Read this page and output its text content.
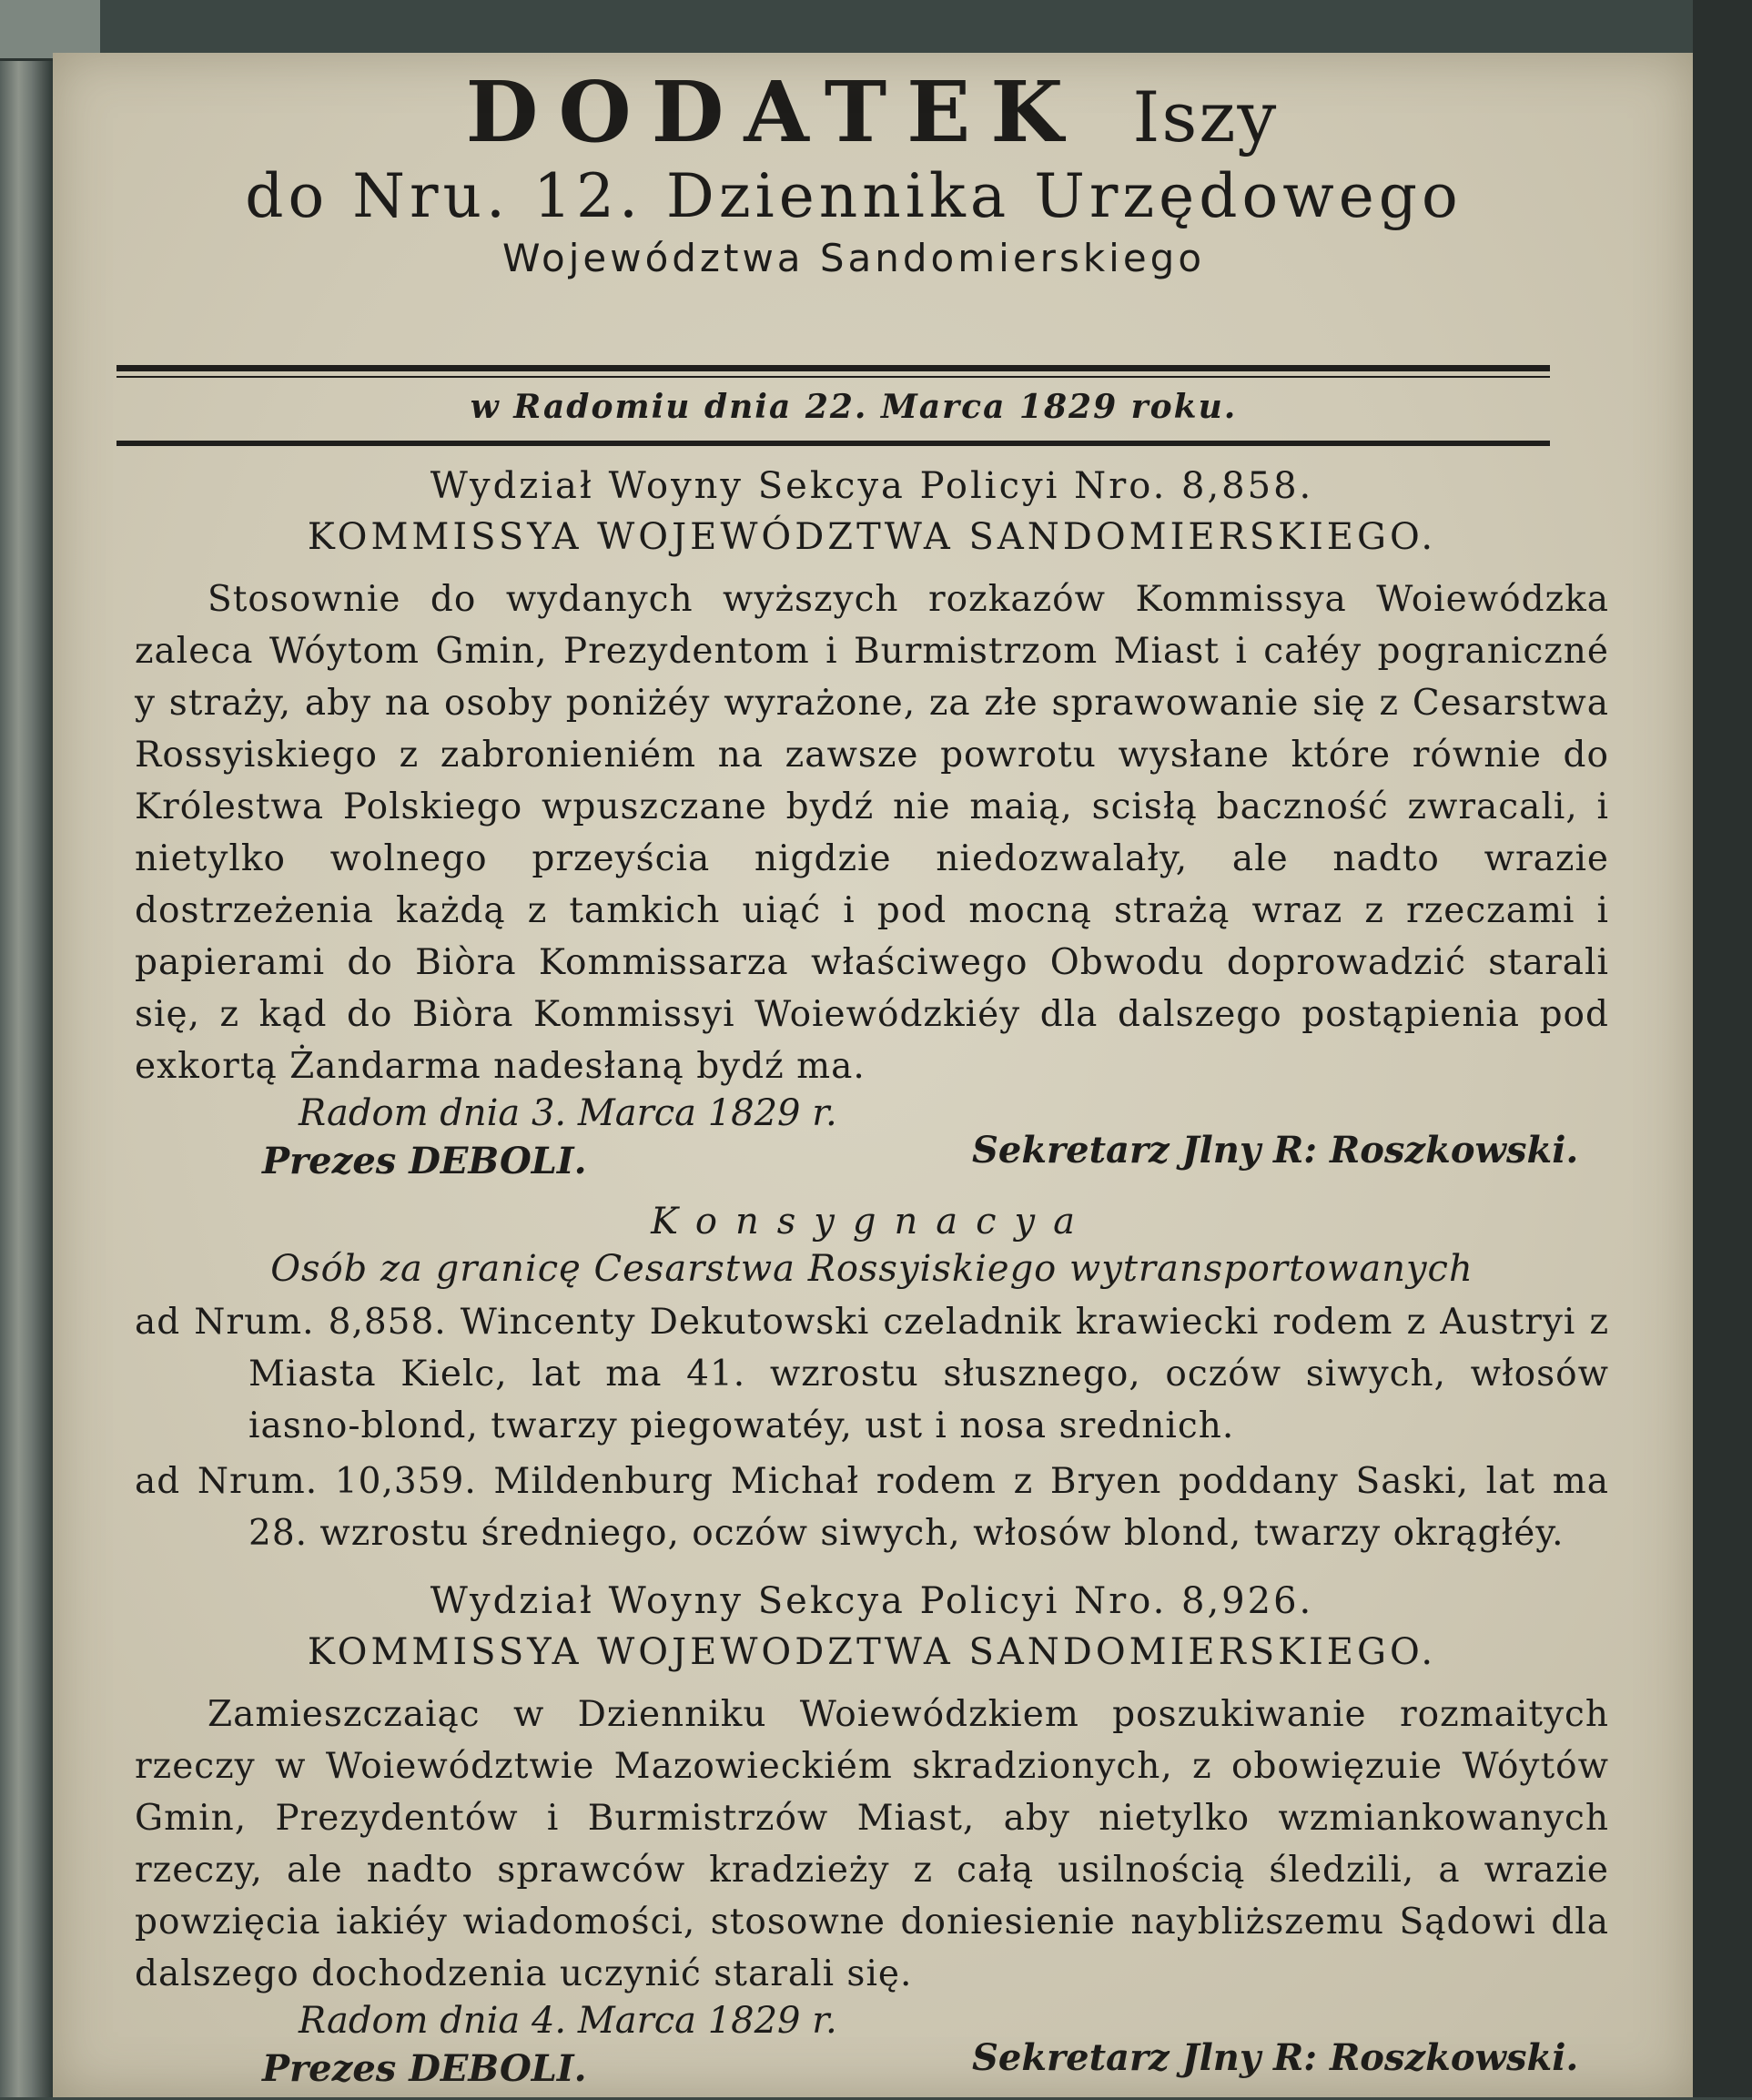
DODATEK Iszy
do Nru. 12. Dziennika Urzędowego
Województwa Sandomierskiego
w Radomiu dnia 22. Marca 1829 roku.
Wydział Woyny Sekcya Policyi Nro. 8,858.
KOMMISSYA WOJEWÓDZTWA SANDOMIERSKIEGO.

Stosownie do wydanych wyższych rozkazów Kommissya Woiewódzka zaleca Wóytom Gmin, Prezydentom i Burmistrzom Miast i całéy pograniczné y straży, aby na osoby poniżéy wyrażone, za złe sprawowanie się z Cesarstwa Rossyiskiego z zabronieniém na zawsze powrotu wysłane które równie do Królestwa Polskiego wpuszczane bydź nie maią, scisłą baczność zwracali, i nietylko wolnego przeyścia nigdzie niedozwalały, ale nadto wrazie dostrzeżenia każdą z tamkich uiąć i pod mocną strażą wraz z rzeczami i papierami do Biòra Kommissarza właściwego Obwodu doprowadzić starali się, z kąd do Biòra Kommissyi Woiewódzkiéy dla dalszego postąpienia pod exkortą Żandarma nadesłaną bydź ma.

Radom dnia 3. Marca 1829 r.
Prezes DEBOLI.	Sekretarz Jlny R: Roszkowski.
Konsygnacya
Osób za granicę Cesarstwa Rossyiskiego wytransportowanych

ad Nrum. 8,858. Wincenty Dekutowski czeladnik krawiecki rodem z Austryi z Miasta Kielc, lat ma 41. wzrostu słusznego, oczów siwych, włosów iasno-blond, twarzy piegowatéy, ust i nosa srednich.

ad Nrum. 10,359. Mildenburg Michał rodem z Bryen poddany Saski, lat ma 28. wzrostu średniego, oczów siwych, włosów blond, twarzy okrągłéy.

Wydział Woyny Sekcya Policyi Nro. 8,926.
KOMMISSYA WOJEWODZTWA SANDOMIERSKIEGO.

Zamieszczaiąc w Dzienniku Woiewódzkiem poszukiwanie rozmaitych rzeczy w Woiewództwie Mazowieckiém skradzionych, z obowięzuie Wóytów Gmin, Prezydentów i Burmistrzów Miast, aby nietylko wzmiankowanych rzeczy, ale nadto sprawców kradzieży z całą usilnością śledzili, a wrazie powzięcia iakiéy wiadomości, stosowne doniesienie naybliższemu Sądowi dla dalszego dochodzenia uczynić starali się.

Radom dnia 4. Marca 1829 r.
Prezes DEBOLI.	Sekretarz Jlny R: Roszkowski.
